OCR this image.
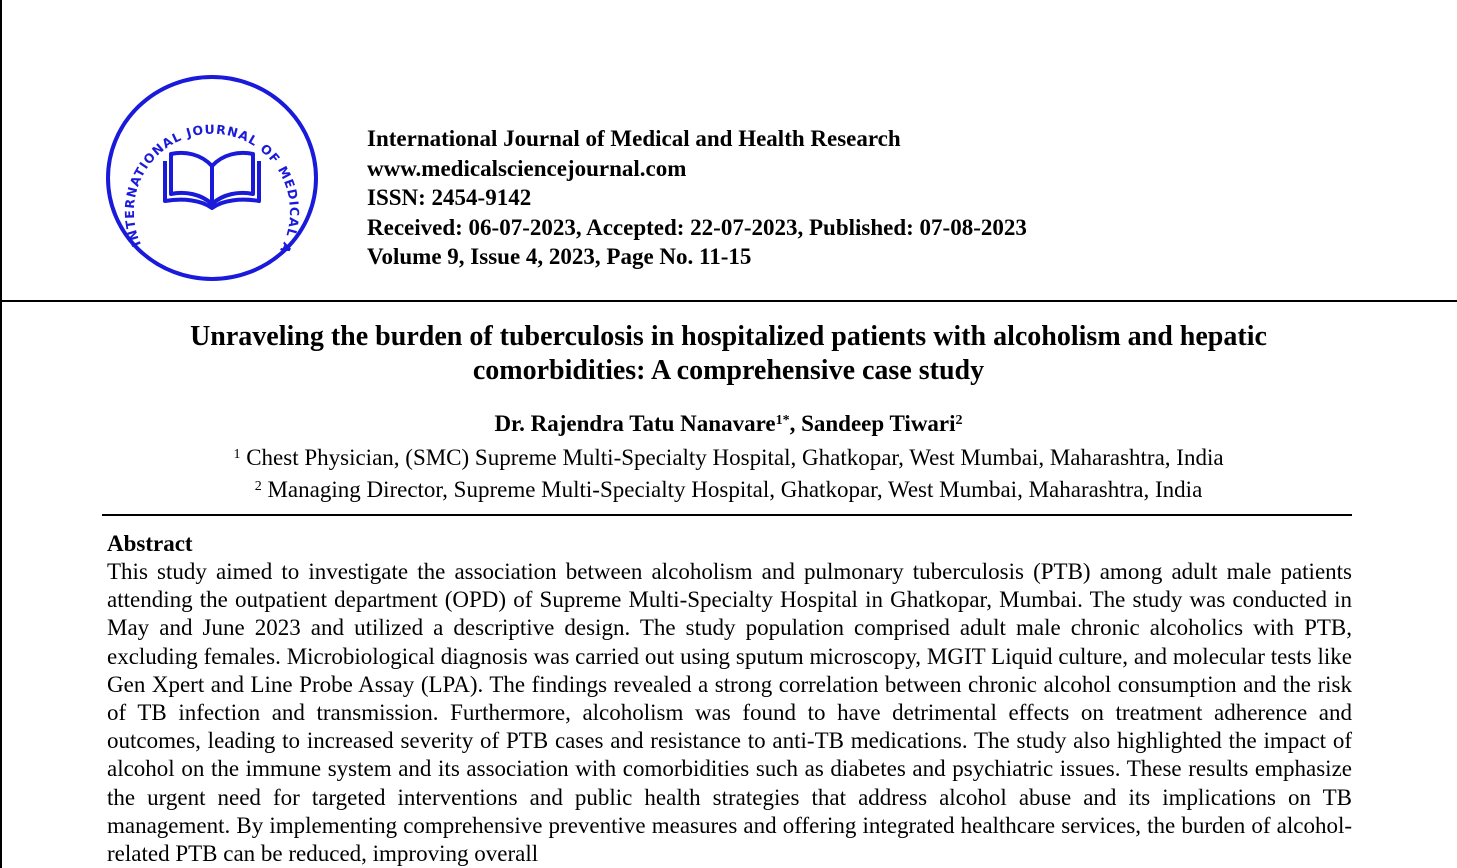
INTERNATIONAL JOURNAL OF MEDICAL A
International Journal of Medical and Health Research
www.medicalsciencejournal.com
ISSN: 2454-9142
Received: 06-07-2023, Accepted: 22-07-2023, Published: 07-08-2023
Volume 9, Issue 4, 2023, Page No. 11-15
Unraveling the burden of tuberculosis in hospitalized patients with alcoholism and hepatic
comorbidities: A comprehensive case study
Dr. Rajendra Tatu Nanavare$^{1*}$, Sandeep Tiwari$^2$
$^1$ Chest Physician, (SMC) Supreme Multi-Specialty Hospital, Ghatkopar, West Mumbai, Maharashtra, India
$^2$ Managing Director, Supreme Multi-Specialty Hospital, Ghatkopar, West Mumbai, Maharashtra, India
Abstract
This study aimed to investigate the association between alcoholism and pulmonary tuberculosis (PTB) among adult male patients attending the outpatient department (OPD) of Supreme Multi-Specialty Hospital in Ghatkopar, Mumbai. The study was conducted in May and June 2023 and utilized a descriptive design. The study population comprised adult male chronic alcoholics with PTB, excluding females. Microbiological diagnosis was carried out using sputum microscopy, MGIT Liquid culture, and molecular tests like Gen Xpert and Line Probe Assay (LPA). The findings revealed a strong correlation between chronic alcohol consumption and the risk of TB infection and transmission. Furthermore, alcoholism was found to have detrimental effects on treatment adherence and outcomes, leading to increased severity of PTB cases and resistance to anti-TB medications. The study also highlighted the impact of alcohol on the immune system and its association with comorbidities such as diabetes and psychiatric issues. These results emphasize the urgent need for targeted interventions and public health strategies that address alcohol abuse and its implications on TB management. By implementing comprehensive preventive measures and offering integrated healthcare services, the burden of alcohol-related PTB can be reduced, improving overall
